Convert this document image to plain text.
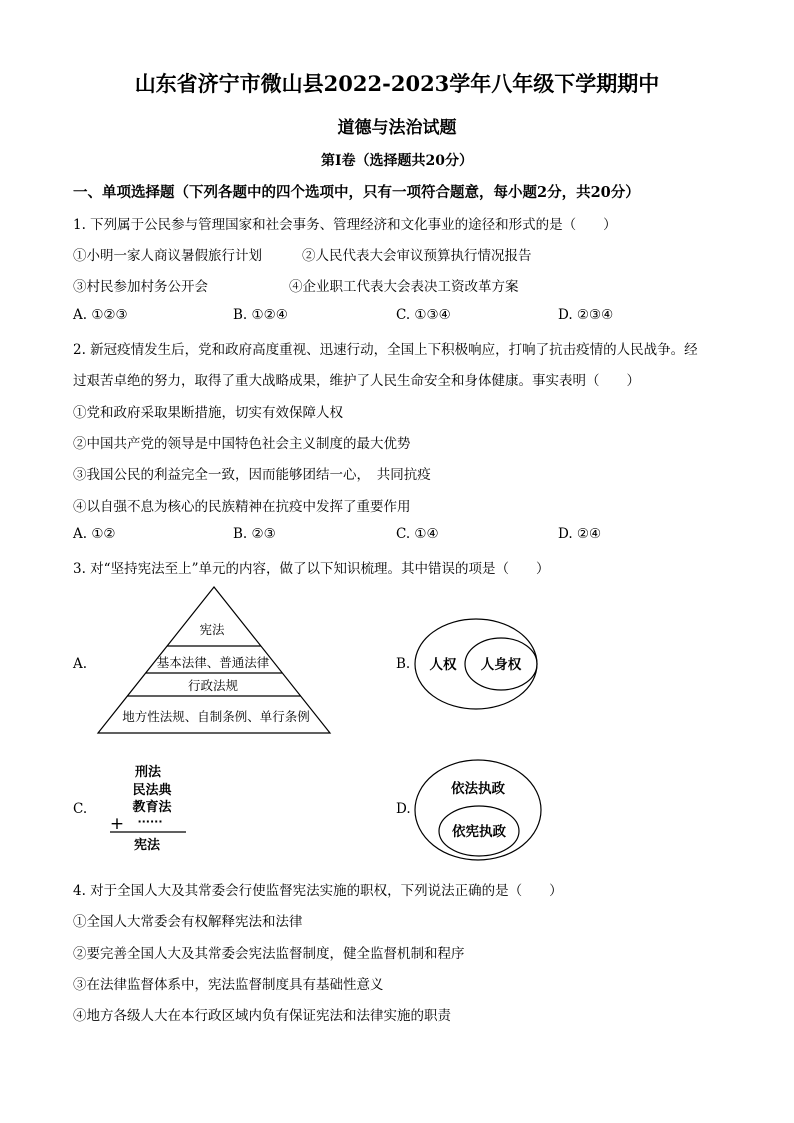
山东省济宁市微山县2022-2023学年八年级下学期期中
道德与法治试题
第Ⅰ卷（选择题共20分）
一、单项选择题（下列各题中的四个选项中，只有一项符合题意，每小题2分，共20分）
1. 下列属于公民参与管理国家和社会事务、管理经济和文化事业的途径和形式的是（　　）
①小明一家人商议暑假旅行计划	②人民代表大会审议预算执行情况报告
③村民参加村务公开会	④企业职工代表大会表决工资改革方案
A. ①②③	B. ①②④	C. ①③④	D. ②③④
2. 新冠疫情发生后，党和政府高度重视、迅速行动，全国上下积极响应，打响了抗击疫情的人民战争。经
过艰苦卓绝的努力，取得了重大战略成果，维护了人民生命安全和身体健康。事实表明（　　）
①党和政府采取果断措施，切实有效保障人权
②中国共产党的领导是中国特色社会主义制度的最大优势
③我国公民的利益完全一致，因而能够团结一心，　共同抗疫
④以自强不息为核心的民族精神在抗疫中发挥了重要作用
A. ①②	B. ②③	C. ①④	D. ②④
3. 对“坚持宪法至上”单元的内容，做了以下知识梳理。其中错误的项是（　　）
A.	B.
C.	D.
宪法
基本法律、普通法律
行政法规
地方性法规、自制条例、单行条例
人权 人身权
刑法
民法典
教育法
······
+
宪法
依法执政
依宪执政
4. 对于全国人大及其常委会行使监督宪法实施的职权，下列说法正确的是（　　）
①全国人大常委会有权解释宪法和法律
②要完善全国人大及其常委会宪法监督制度，健全监督机制和程序
③在法律监督体系中，宪法监督制度具有基础性意义
④地方各级人大在本行政区域内负有保证宪法和法律实施的职责
